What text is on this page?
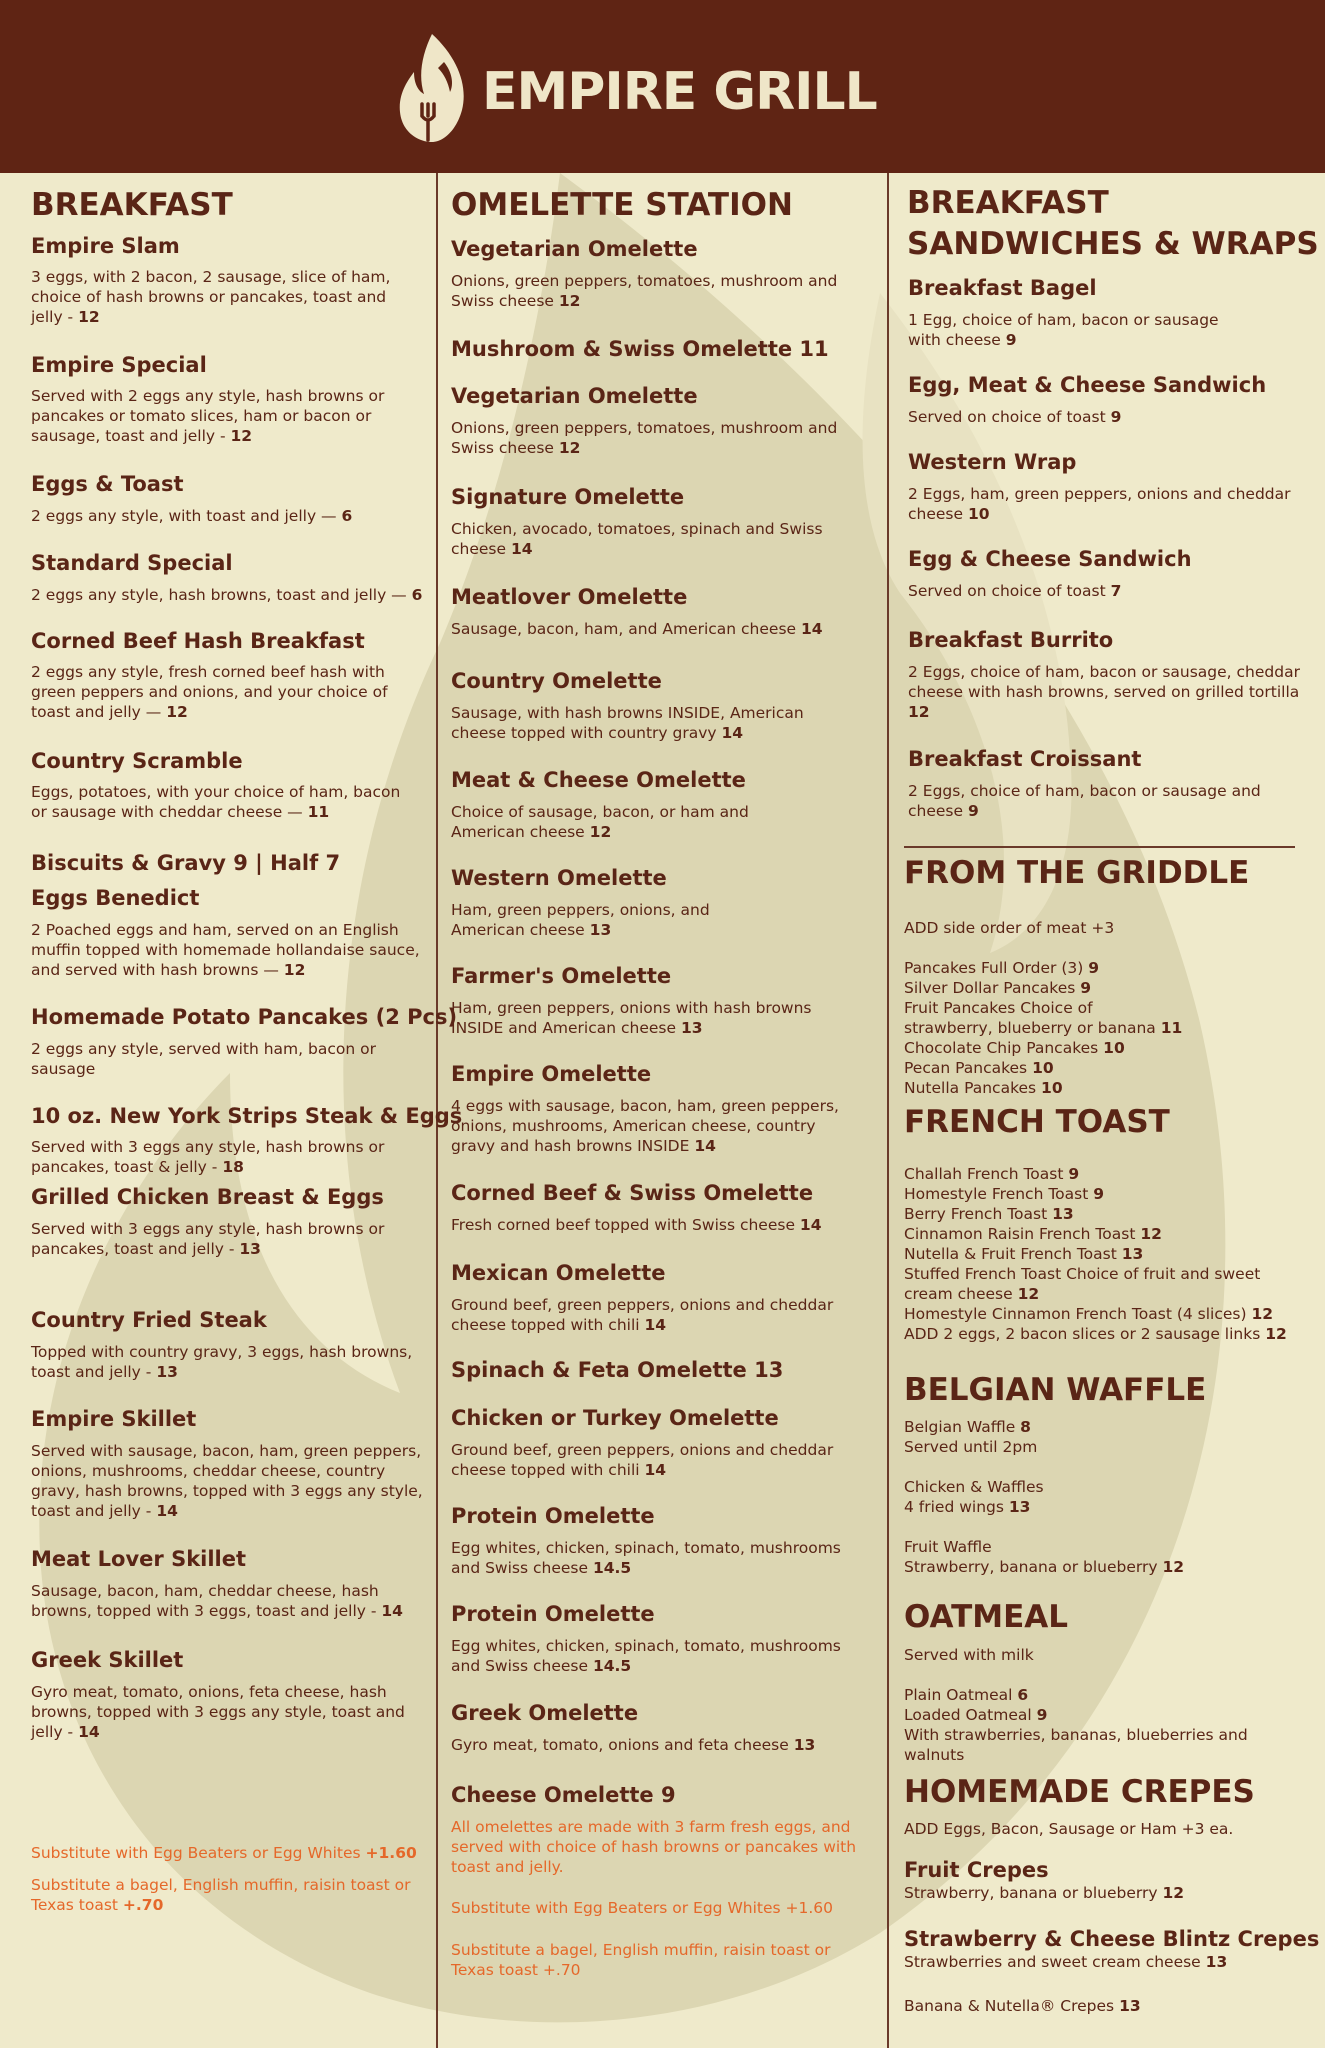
EMPIRE GRILL
BREAKFAST
Empire Slam
3 eggs, with 2 bacon, 2 sausage, slice of ham, choice of hash browns or pancakes, toast and jelly - 12
Empire Special
Served with 2 eggs any style, hash browns or pancakes or tomato slices, ham or bacon or sausage, toast and jelly - 12
Eggs & Toast
2 eggs any style, with toast and jelly — 6
Standard Special
2 eggs any style, hash browns, toast and jelly — 6
Corned Beef Hash Breakfast
2 eggs any style, fresh corned beef hash with green peppers and onions, and your choice of toast and jelly — 12
Country Scramble
Eggs, potatoes, with your choice of ham, bacon or sausage with cheddar cheese — 11
Biscuits & Gravy 9 | Half 7
Eggs Benedict
2 Poached eggs and ham, served on an English muffin topped with homemade hollandaise sauce, and served with hash browns — 12
Homemade Potato Pancakes (2 Pcs)
2 eggs any style, served with ham, bacon or sausage
10 oz. New York Strips Steak & Eggs
Served with 3 eggs any style, hash browns or pancakes, toast & jelly - 18
Grilled Chicken Breast & Eggs
Served with 3 eggs any style, hash browns or pancakes, toast and jelly - 13
Country Fried Steak
Topped with country gravy, 3 eggs, hash browns, toast and jelly - 13
Empire Skillet
Served with sausage, bacon, ham, green peppers, onions, mushrooms, cheddar cheese, country gravy, hash browns, topped with 3 eggs any style, toast and jelly - 14
Meat Lover Skillet
Sausage, bacon, ham, cheddar cheese, hash browns, topped with 3 eggs, toast and jelly - 14
Greek Skillet
Gyro meat, tomato, onions, feta cheese, hash browns, topped with 3 eggs any style, toast and jelly - 14
Substitute with Egg Beaters or Egg Whites +1.60
Substitute a bagel, English muffin, raisin toast or Texas toast +.70
OMELETTE STATION
Vegetarian Omelette
Onions, green peppers, tomatoes, mushroom and Swiss cheese 12
Mushroom & Swiss Omelette 11
Vegetarian Omelette
Onions, green peppers, tomatoes, mushroom and Swiss cheese 12
Signature Omelette
Chicken, avocado, tomatoes, spinach and Swiss cheese 14
Meatlover Omelette
Sausage, bacon, ham, and American cheese 14
Country Omelette
Sausage, with hash browns INSIDE, American cheese topped with country gravy 14
Meat & Cheese Omelette
Choice of sausage, bacon, or ham and American cheese 12
Western Omelette
Ham, green peppers, onions, and American cheese 13
Farmer's Omelette
Ham, green peppers, onions with hash browns INSIDE and American cheese 13
Empire Omelette
4 eggs with sausage, bacon, ham, green peppers, onions, mushrooms, American cheese, country gravy and hash browns INSIDE 14
Corned Beef & Swiss Omelette
Fresh corned beef topped with Swiss cheese 14
Mexican Omelette
Ground beef, green peppers, onions and cheddar cheese topped with chili 14
Spinach & Feta Omelette 13
Chicken or Turkey Omelette
Ground beef, green peppers, onions and cheddar cheese topped with chili 14
Protein Omelette
Egg whites, chicken, spinach, tomato, mushrooms and Swiss cheese 14.5
Protein Omelette
Egg whites, chicken, spinach, tomato, mushrooms and Swiss cheese 14.5
Greek Omelette
Gyro meat, tomato, onions and feta cheese 13
Cheese Omelette 9
All omelettes are made with 3 farm fresh eggs, and served with choice of hash browns or pancakes with toast and jelly.
Substitute with Egg Beaters or Egg Whites +1.60
Substitute a bagel, English muffin, raisin toast or Texas toast +.70
BREAKFAST
SANDWICHES & WRAPS
Breakfast Bagel
1 Egg, choice of ham, bacon or sausage with cheese 9
Egg, Meat & Cheese Sandwich
Served on choice of toast 9
Western Wrap
2 Eggs, ham, green peppers, onions and cheddar cheese 10
Egg & Cheese Sandwich
Served on choice of toast 7
Breakfast Burrito
2 Eggs, choice of ham, bacon or sausage, cheddar cheese with hash browns, served on grilled tortilla 12
Breakfast Croissant
2 Eggs, choice of ham, bacon or sausage and cheese 9
FROM THE GRIDDLE
ADD side order of meat +3
Pancakes Full Order (3) 9
Silver Dollar Pancakes 9
Fruit Pancakes Choice of
strawberry, blueberry or banana 11
Chocolate Chip Pancakes 10
Pecan Pancakes 10
Nutella Pancakes 10
FRENCH TOAST
Challah French Toast 9
Homestyle French Toast 9
Berry French Toast 13
Cinnamon Raisin French Toast 12
Nutella & Fruit French Toast 13
Stuffed French Toast Choice of fruit and sweet
cream cheese 12
Homestyle Cinnamon French Toast (4 slices) 12
ADD 2 eggs, 2 bacon slices or 2 sausage links 12
BELGIAN WAFFLE
Belgian Waffle 8
Served until 2pm
Chicken & Waffles
4 fried wings 13
Fruit Waffle
Strawberry, banana or blueberry 12
OATMEAL
Served with milk
Plain Oatmeal 6
Loaded Oatmeal 9
With strawberries, bananas, blueberries and
walnuts
HOMEMADE CREPES
ADD Eggs, Bacon, Sausage or Ham +3 ea.
Fruit Crepes
Strawberry, banana or blueberry 12
Strawberry & Cheese Blintz Crepes
Strawberries and sweet cream cheese 13
Banana & Nutella® Crepes 13
